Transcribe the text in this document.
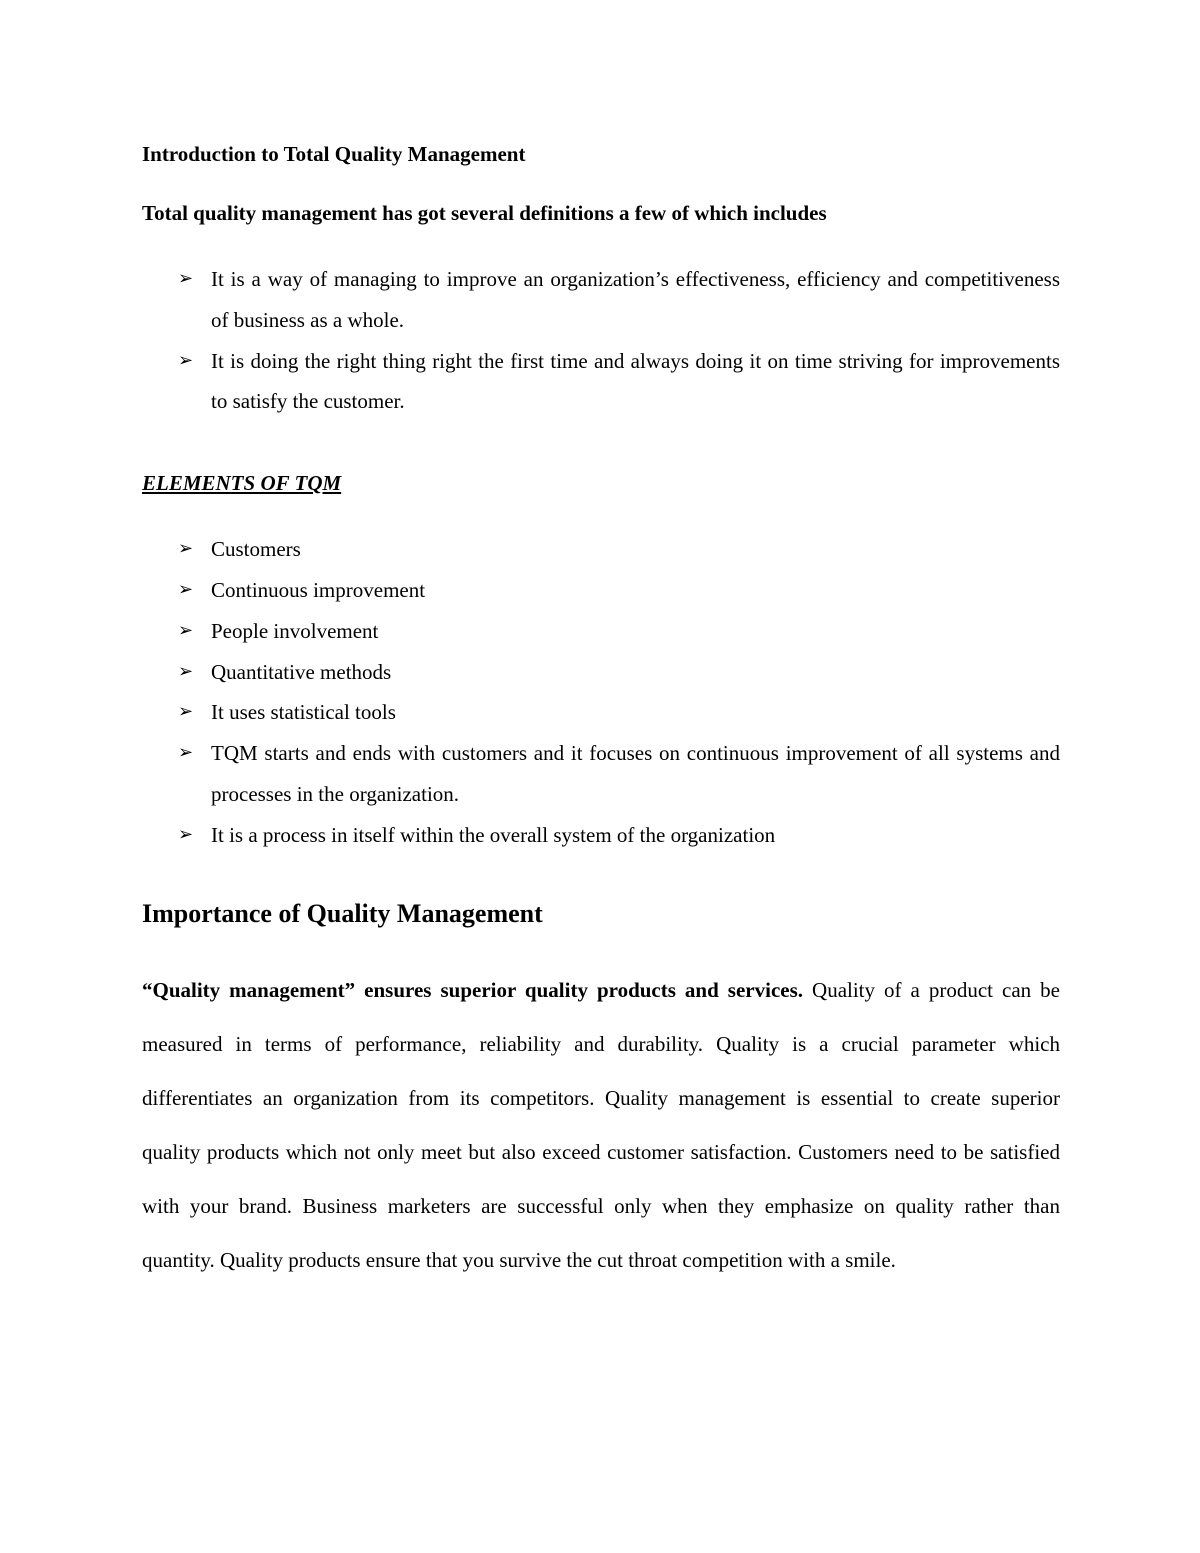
Introduction to Total Quality Management

Total quality management has got several definitions a few of which includes

➢ It is a way of managing to improve an organization’s effectiveness, efficiency and competitiveness of business as a whole.
➢ It is doing the right thing right the first time and always doing it on time striving for improvements to satisfy the customer.

ELEMENTS OF TQM

➢ Customers
➢ Continuous improvement
➢ People involvement
➢ Quantitative methods
➢ It uses statistical tools
➢ TQM starts and ends with customers and it focuses on continuous improvement of all systems and processes in the organization.
➢ It is a process in itself within the overall system of the organization
Importance of Quality Management

“Quality management” ensures superior quality products and services. Quality of a product can be measured in terms of performance, reliability and durability. Quality is a crucial parameter which differentiates an organization from its competitors. Quality management is essential to create superior quality products which not only meet but also exceed customer satisfaction. Customers need to be satisfied with your brand. Business marketers are successful only when they emphasize on quality rather than quantity. Quality products ensure that you survive the cut throat competition with a smile.
